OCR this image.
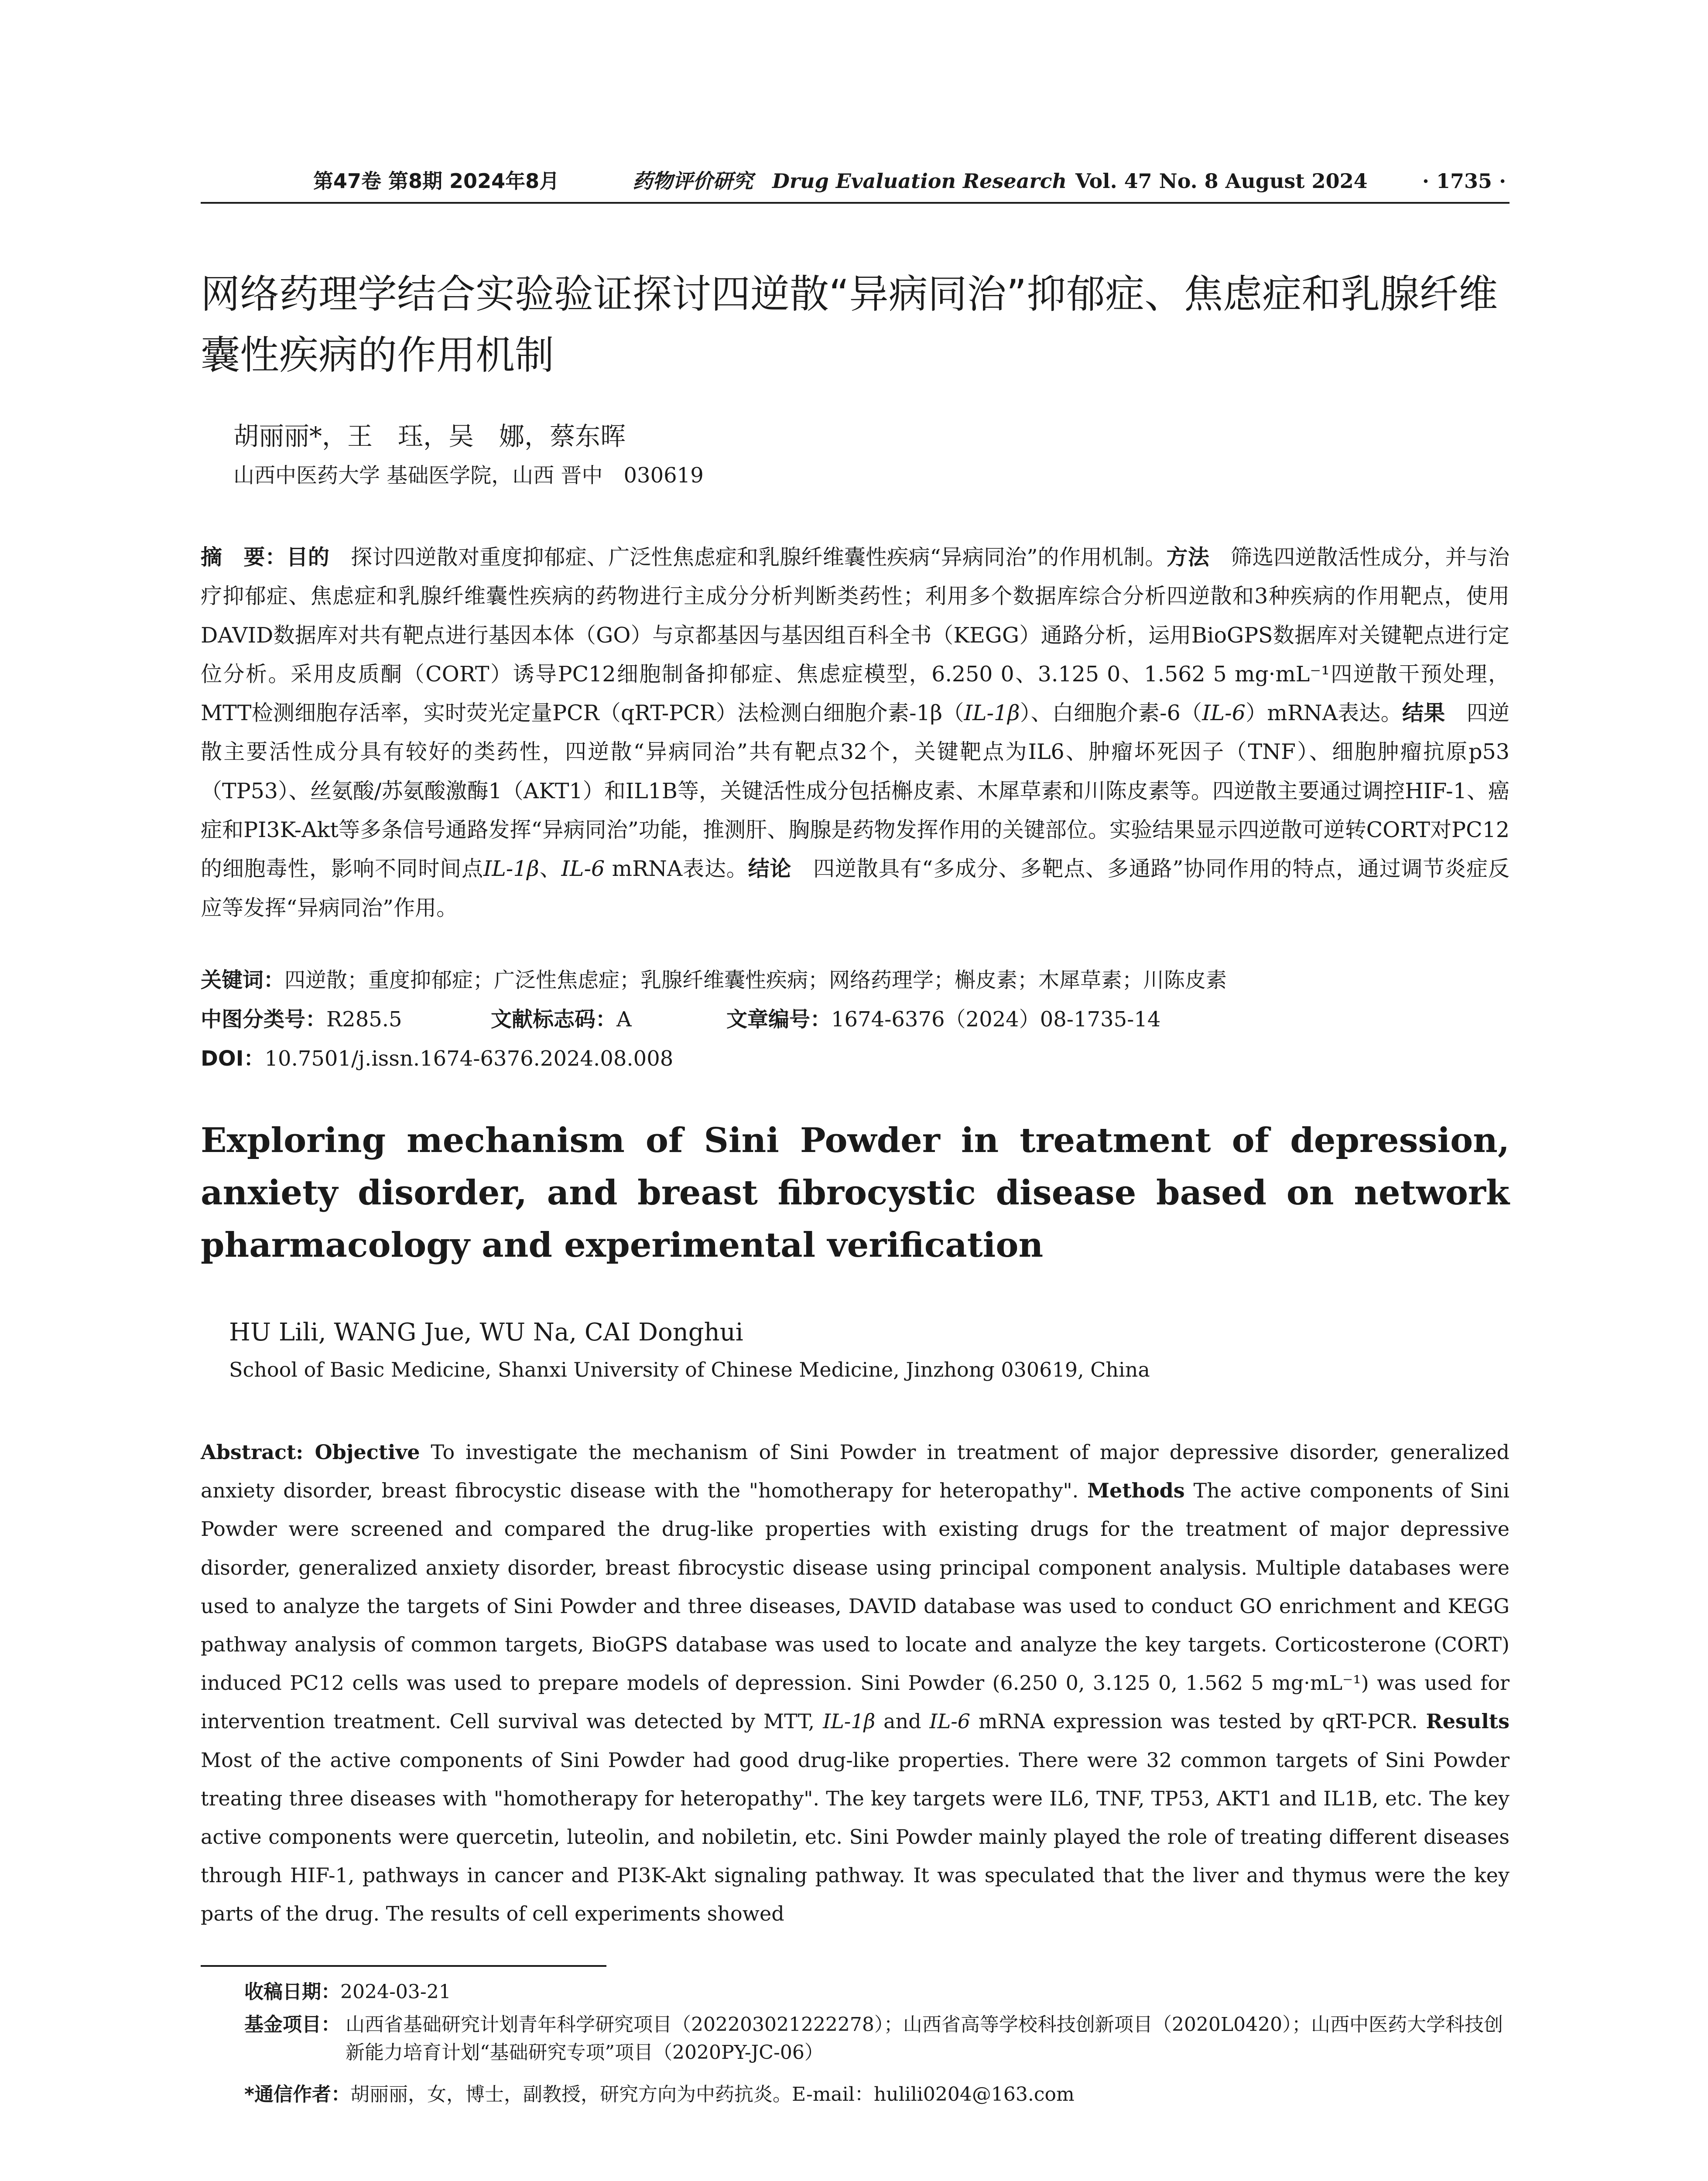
第47卷 第8期 2024年8月	药物评价研究 Drug Evaluation Research Vol. 47 No. 8 August 2024	· 1735 ·
网络药理学结合实验验证探讨四逆散“异病同治”抑郁症、焦虑症和乳腺纤维囊性疾病的作用机制
胡丽丽*，王　珏，吴　娜，蔡东晖
山西中医药大学 基础医学院，山西 晋中　030619
摘　要：目的　 探讨四逆散对重度抑郁症、广泛性焦虑症和乳腺纤维囊性疾病“异病同治”的作用机制。方法　 筛选四逆散活性成分，并与治疗抑郁症、焦虑症和乳腺纤维囊性疾病的药物进行主成分分析判断类药性；利用多个数据库综合分析四逆散和3种疾病的作用靶点，使用DAVID数据库对共有靶点进行基因本体（GO）与京都基因与基因组百科全书（KEGG）通路分析，运用BioGPS数据库对关键靶点进行定位分析。采用皮质酮（CORT）诱导PC12细胞制备抑郁症、焦虑症模型，6.250 0、3.125 0、1.562 5 mg·mL⁻¹四逆散干预处理，MTT检测细胞存活率，实时荧光定量PCR（qRT-PCR）法检测白细胞介素-1β（IL-1β）、白细胞介素-6（IL-6）mRNA表达。结果　 四逆散主要活性成分具有较好的类药性，四逆散“异病同治”共有靶点32个，关键靶点为IL6、肿瘤坏死因子（TNF）、细胞肿瘤抗原p53（TP53）、丝氨酸/苏氨酸激酶1（AKT1）和IL1B等，关键活性成分包括槲皮素、木犀草素和川陈皮素等。四逆散主要通过调控HIF-1、癌症和PI3K-Akt等多条信号通路发挥“异病同治”功能，推测肝、胸腺是药物发挥作用的关键部位。实验结果显示四逆散可逆转CORT对PC12的细胞毒性，影响不同时间点IL-1β、IL-6 mRNA表达。结论　 四逆散具有“多成分、多靶点、多通路”协同作用的特点，通过调节炎症反应等发挥“异病同治”作用。
关键词：四逆散；重度抑郁症；广泛性焦虑症；乳腺纤维囊性疾病；网络药理学；槲皮素；木犀草素；川陈皮素
中图分类号：R285.5	文献标志码：A	文章编号：1674-6376（2024）08-1735-14
DOI：10.7501/j.issn.1674-6376.2024.08.008
Exploring mechanism of Sini Powder in treatment of depression, anxiety disorder, and breast fibrocystic disease based on network pharmacology and experimental verification
HU Lili, WANG Jue, WU Na, CAI Donghui
School of Basic Medicine, Shanxi University of Chinese Medicine, Jinzhong 030619, China
Abstract: Objective To investigate the mechanism of Sini Powder in treatment of major depressive disorder, generalized anxiety disorder, breast fibrocystic disease with the "homotherapy for heteropathy". Methods The active components of Sini Powder were screened and compared the drug-like properties with existing drugs for the treatment of major depressive disorder, generalized anxiety disorder, breast fibrocystic disease using principal component analysis. Multiple databases were used to analyze the targets of Sini Powder and three diseases, DAVID database was used to conduct GO enrichment and KEGG pathway analysis of common targets, BioGPS database was used to locate and analyze the key targets. Corticosterone (CORT) induced PC12 cells was used to prepare models of depression. Sini Powder (6.250 0, 3.125 0, 1.562 5 mg·mL⁻¹) was used for intervention treatment. Cell survival was detected by MTT, IL-1β and IL-6 mRNA expression was tested by qRT-PCR. Results Most of the active components of Sini Powder had good drug-like properties. There were 32 common targets of Sini Powder treating three diseases with "homotherapy for heteropathy". The key targets were IL6, TNF, TP53, AKT1 and IL1B, etc. The key active components were quercetin, luteolin, and nobiletin, etc. Sini Powder mainly played the role of treating different diseases through HIF-1, pathways in cancer and PI3K-Akt signaling pathway. It was speculated that the liver and thymus were the key parts of the drug. The results of cell experiments showed
收稿日期：2024-03-21
基金项目： 山西省基础研究计划青年科学研究项目（202203021222278）；山西省高等学校科技创新项目（2020L0420）；山西中医药大学科技创新能力培育计划“基础研究专项”项目（2020PY-JC-06）
*通信作者：胡丽丽，女，博士，副教授，研究方向为中药抗炎。E-mail：hulili0204@163.com
